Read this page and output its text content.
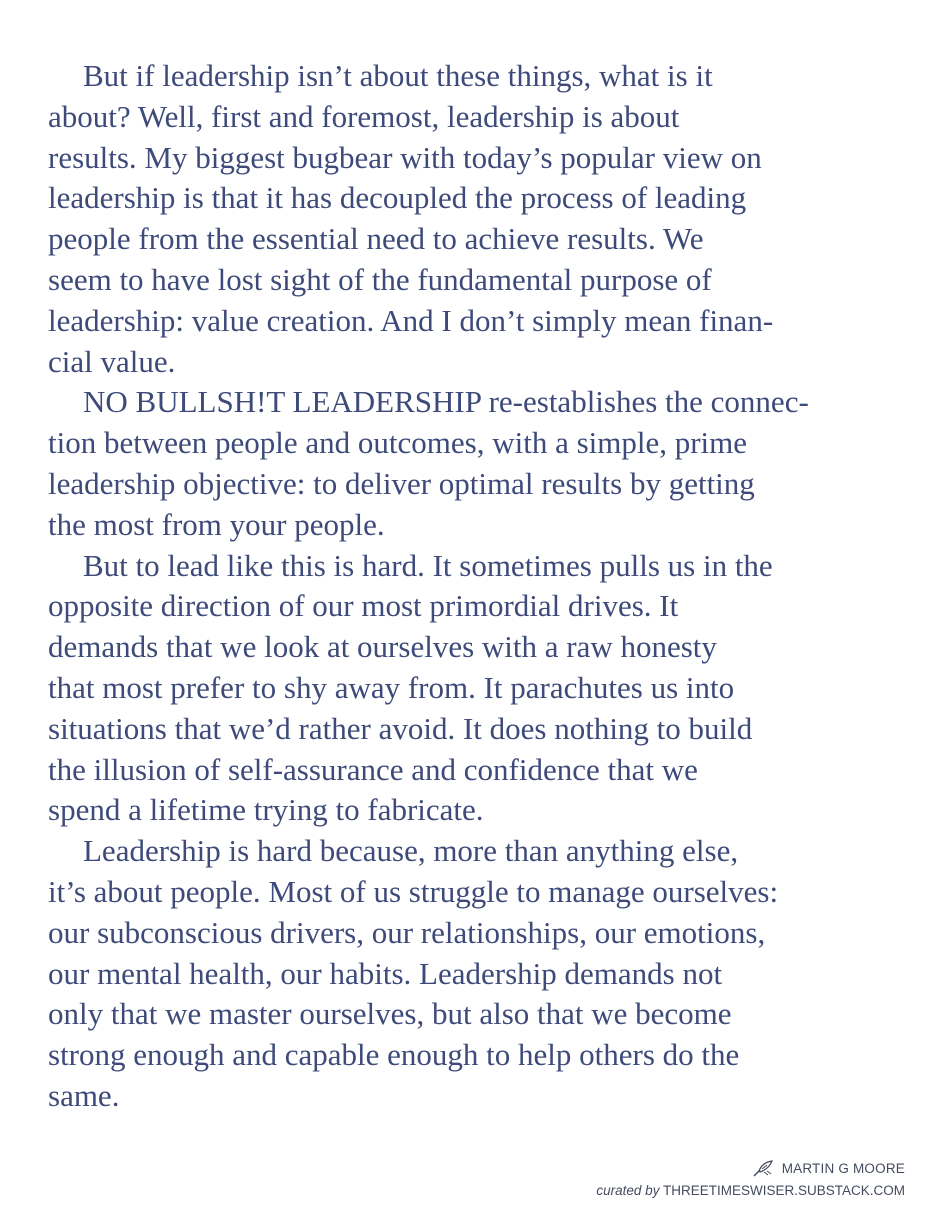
But if leadership isn’t about these things, what is it
about? Well, first and foremost, leadership is about
results. My biggest bugbear with today’s popular view on
leadership is that it has decoupled the process of leading
people from the essential need to achieve results. We
seem to have lost sight of the fundamental purpose of
leadership: value creation. And I don’t simply mean finan-
cial value.
NO BULLSH!T LEADERSHIP re-establishes the connec-
tion between people and outcomes, with a simple, prime
leadership objective: to deliver optimal results by getting
the most from your people.
But to lead like this is hard. It sometimes pulls us in the
opposite direction of our most primordial drives. It
demands that we look at ourselves with a raw honesty
that most prefer to shy away from. It parachutes us into
situations that we’d rather avoid. It does nothing to build
the illusion of self-assurance and confidence that we
spend a lifetime trying to fabricate.
Leadership is hard because, more than anything else,
it’s about people. Most of us struggle to manage ourselves:
our subconscious drivers, our relationships, our emotions,
our mental health, our habits. Leadership demands not
only that we master ourselves, but also that we become
strong enough and capable enough to help others do the
same.
MARTIN G MOORE
curated by THREETIMESWISER.SUBSTACK.COM
